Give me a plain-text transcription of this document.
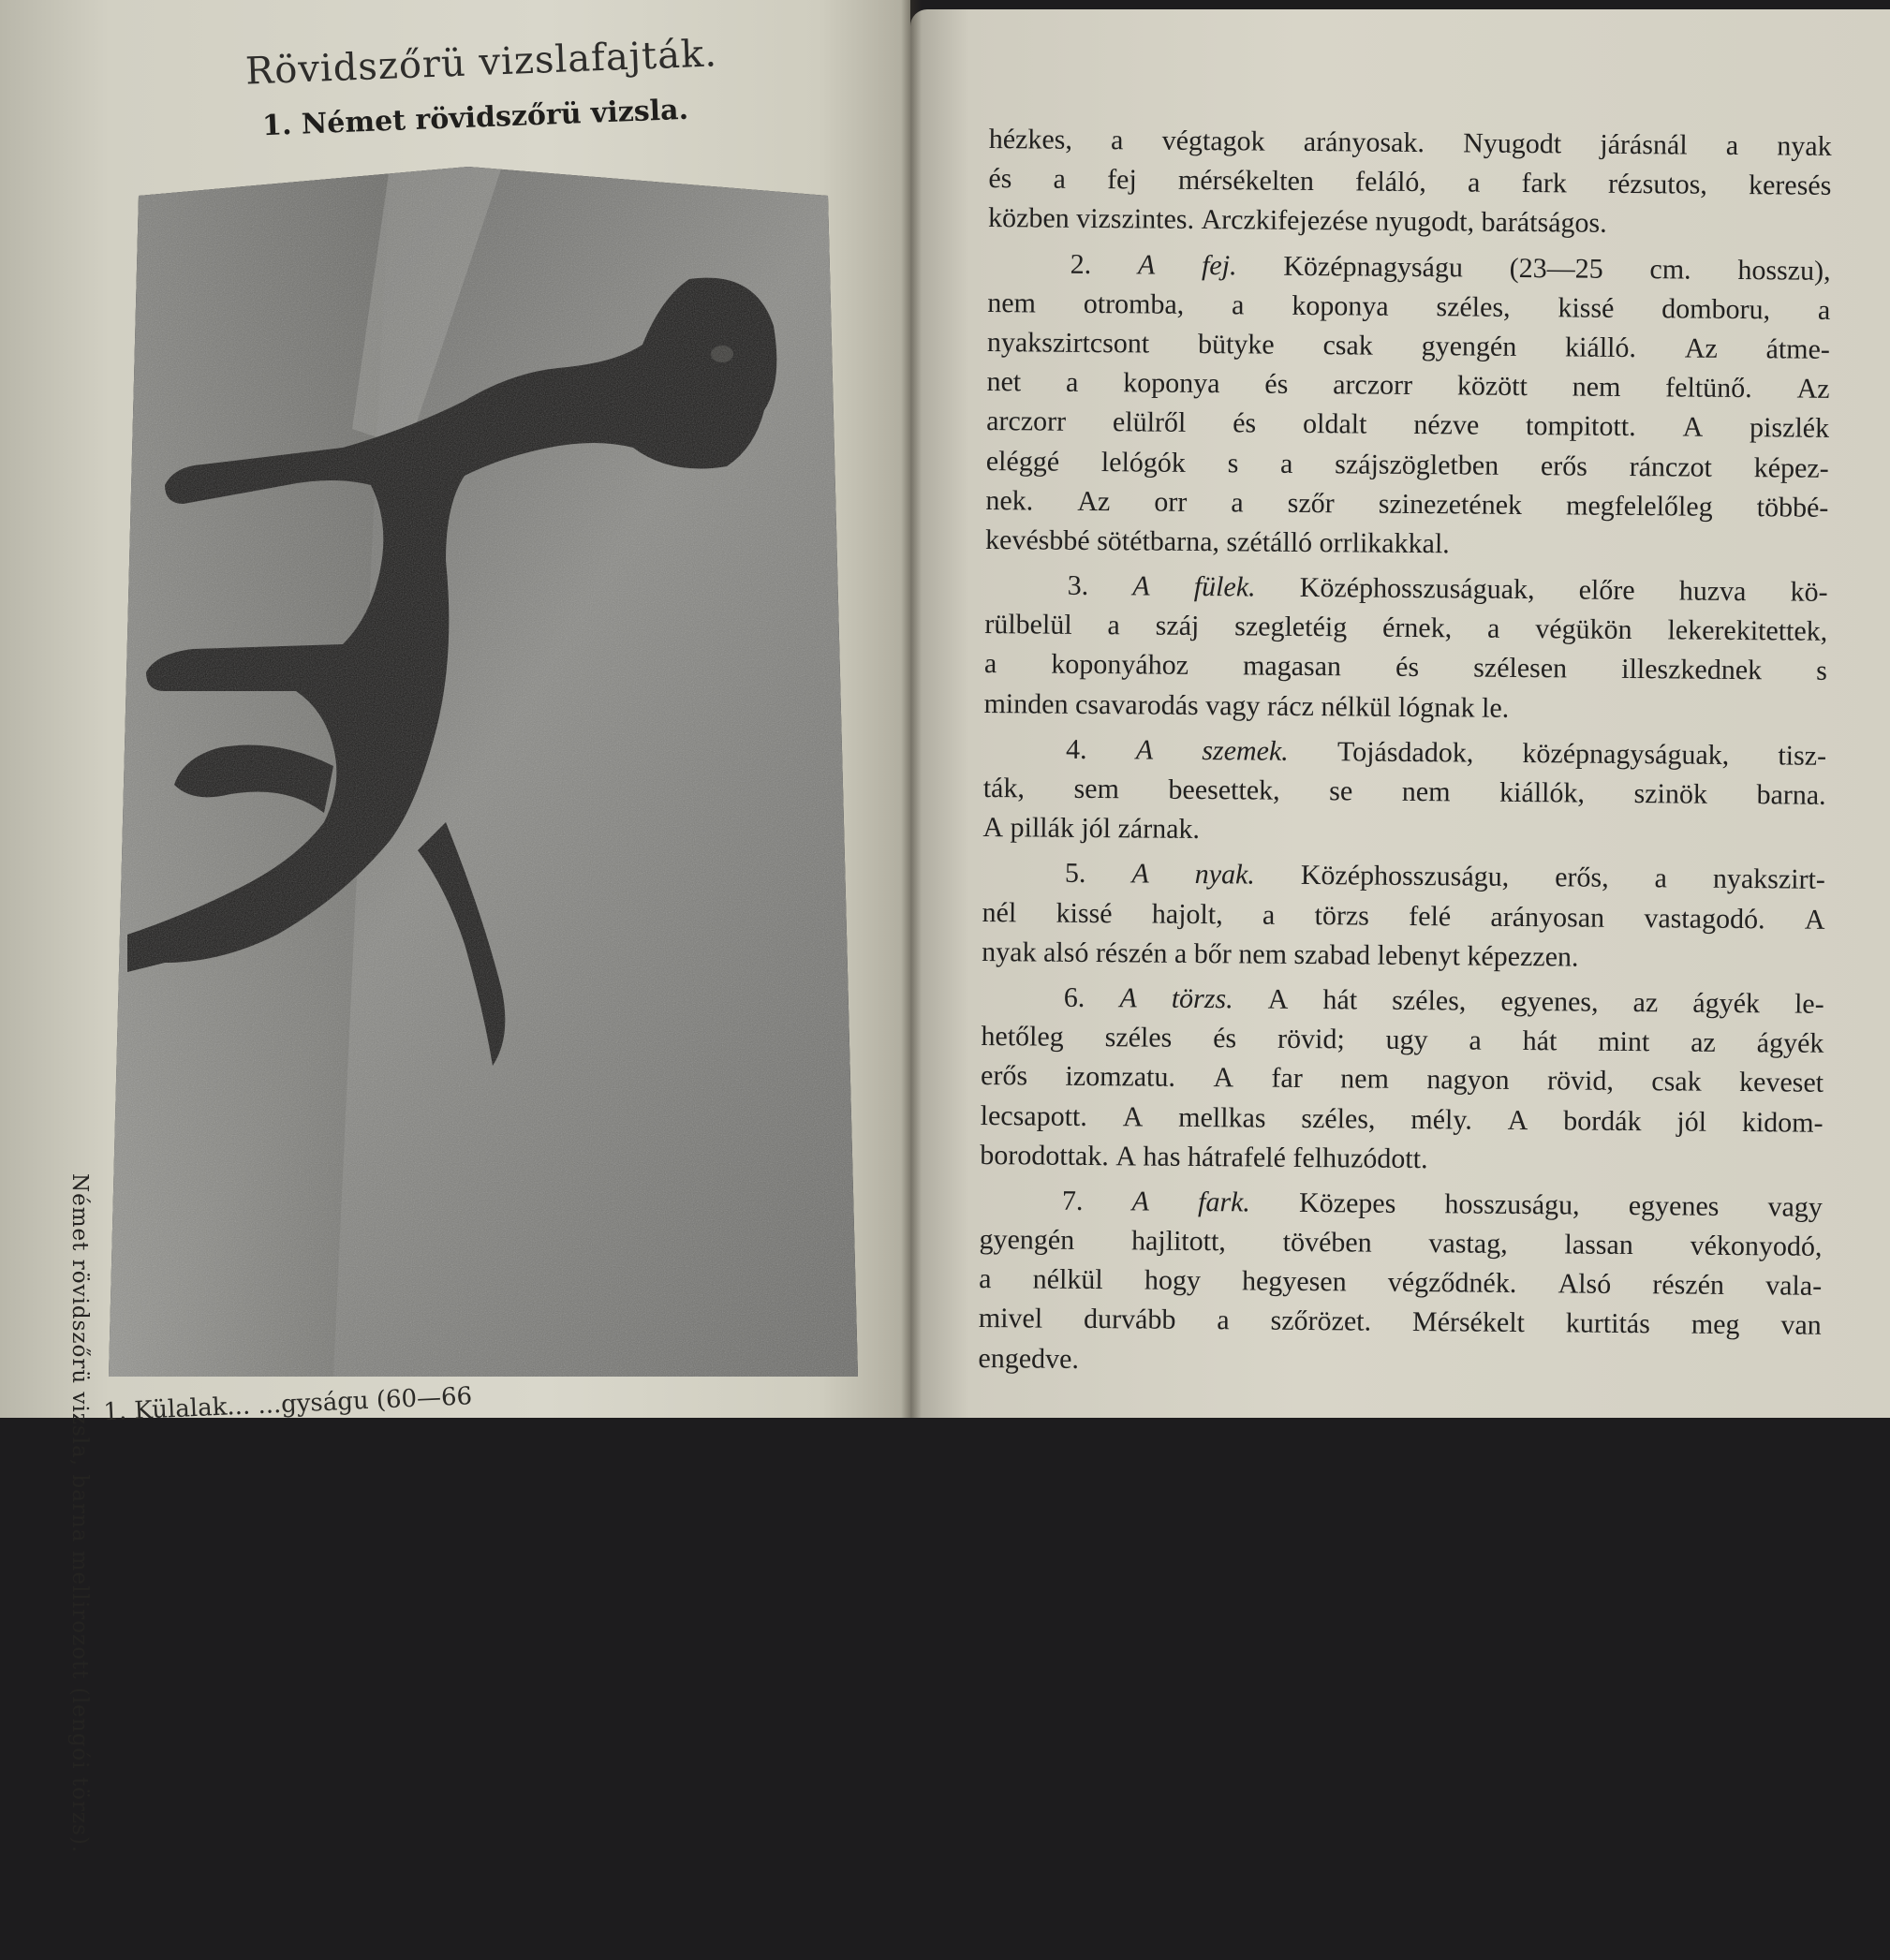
Rövidszőrü vizslafajták.
1. Német rövidszőrü vizsla.
Német rövidszőrü vizsla, barna mellirozott (lengói törzs). 1. Külalak... ...gyságu (60—66
hézkes, a végtagok arányosak. Nyugodt járásnál a nyak
és a fej mérsékelten feláló, a fark rézsutos, keresés
közben vizszintes. Arczkifejezése nyugodt, barátságos.
2. A fej. Középnagyságu (23—25 cm. hosszu),
nem otromba, a koponya széles, kissé domboru, a
nyakszirtcsont bütyke csak gyengén kiálló. Az átme-
net a koponya és arczorr között nem feltünő. Az
arczorr elülről és oldalt nézve tompitott. A piszlék
eléggé lelógók s a szájszögletben erős ránczot képez-
nek. Az orr a szőr szinezetének megfelelőleg többé-
kevésbbé sötétbarna, szétálló orrlikakkal.
3. A fülek. Középhosszuságuak, előre huzva kö-
rülbelül a száj szegletéig érnek, a végükön lekerekitettek,
a koponyához magasan és szélesen illeszkednek s
minden csavarodás vagy rácz nélkül lógnak le.
4. A szemek. Tojásdadok, középnagyságuak, tisz-
ták, sem beesettek, se nem kiállók, szinök barna.
A pillák jól zárnak.
5. A nyak. Középhosszuságu, erős, a nyakszirt-
nél kissé hajolt, a törzs felé arányosan vastagodó. A
nyak alsó részén a bőr nem szabad lebenyt képezzen.
6. A törzs. A hát széles, egyenes, az ágyék le-
hetőleg széles és rövid; ugy a hát mint az ágyék
erős izomzatu. A far nem nagyon rövid, csak keveset
lecsapott. A mellkas széles, mély. A bordák jól kidom-
borodottak. A has hátrafelé felhuzódott.
7. A fark. Közepes hosszuságu, egyenes vagy
gyengén hajlitott, tövében vastag, lassan vékonyodó,
a nélkül hogy hegyesen végződnék. Alsó részén vala-
mivel durvább a szőrözet. Mérsékelt kurtitás meg van
engedve.
